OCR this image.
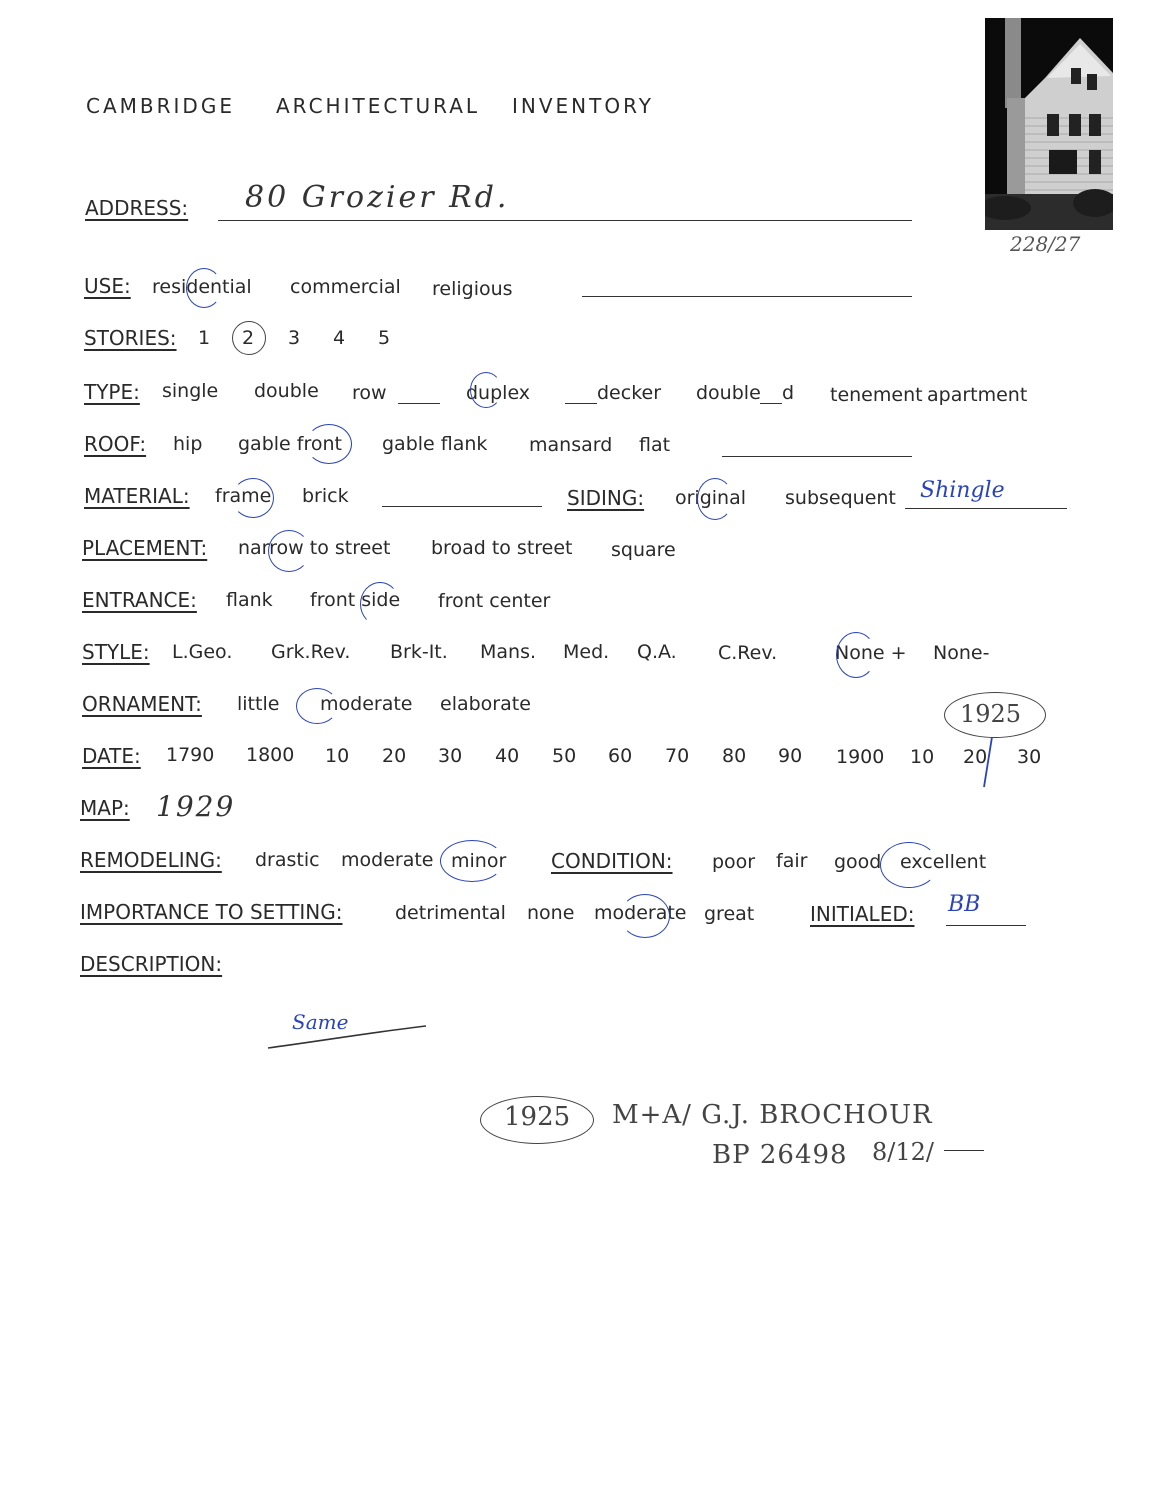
228/27
CAMBRIDGE ARCHITECTURAL INVENTORY
ADDRESS: 80 Grozier Rd.
USE: residential commercial religious
STORIES: 1 2 3 4 5
TYPE: single double row	duplex	decker double d tenement apartment
ROOF: hip gable front gable flank mansard flat
MATERIAL: frame brick	SIDING: original subsequent Shingle
PLACEMENT: narrow to street broad to street square
ENTRANCE: flank front side front center
STYLE: L.Geo. Grk.Rev. Brk-It. Mans. Med. Q.A. C.Rev.	None + None-
ORNAMENT: little moderate elaborate
DATE: 1790 1800 10 20 30 40 50 60 70 80 90 1900 10 20 30
1925
MAP: 1929
REMODELING: drastic moderate minor CONDITION: poor fair good excellent
IMPORTANCE TO SETTING:	detrimental none moderate great	INITIALED: BB
DESCRIPTION:
Same
1925 M+A/ G.J. BROCHOUR
BP 26498 8/12/
